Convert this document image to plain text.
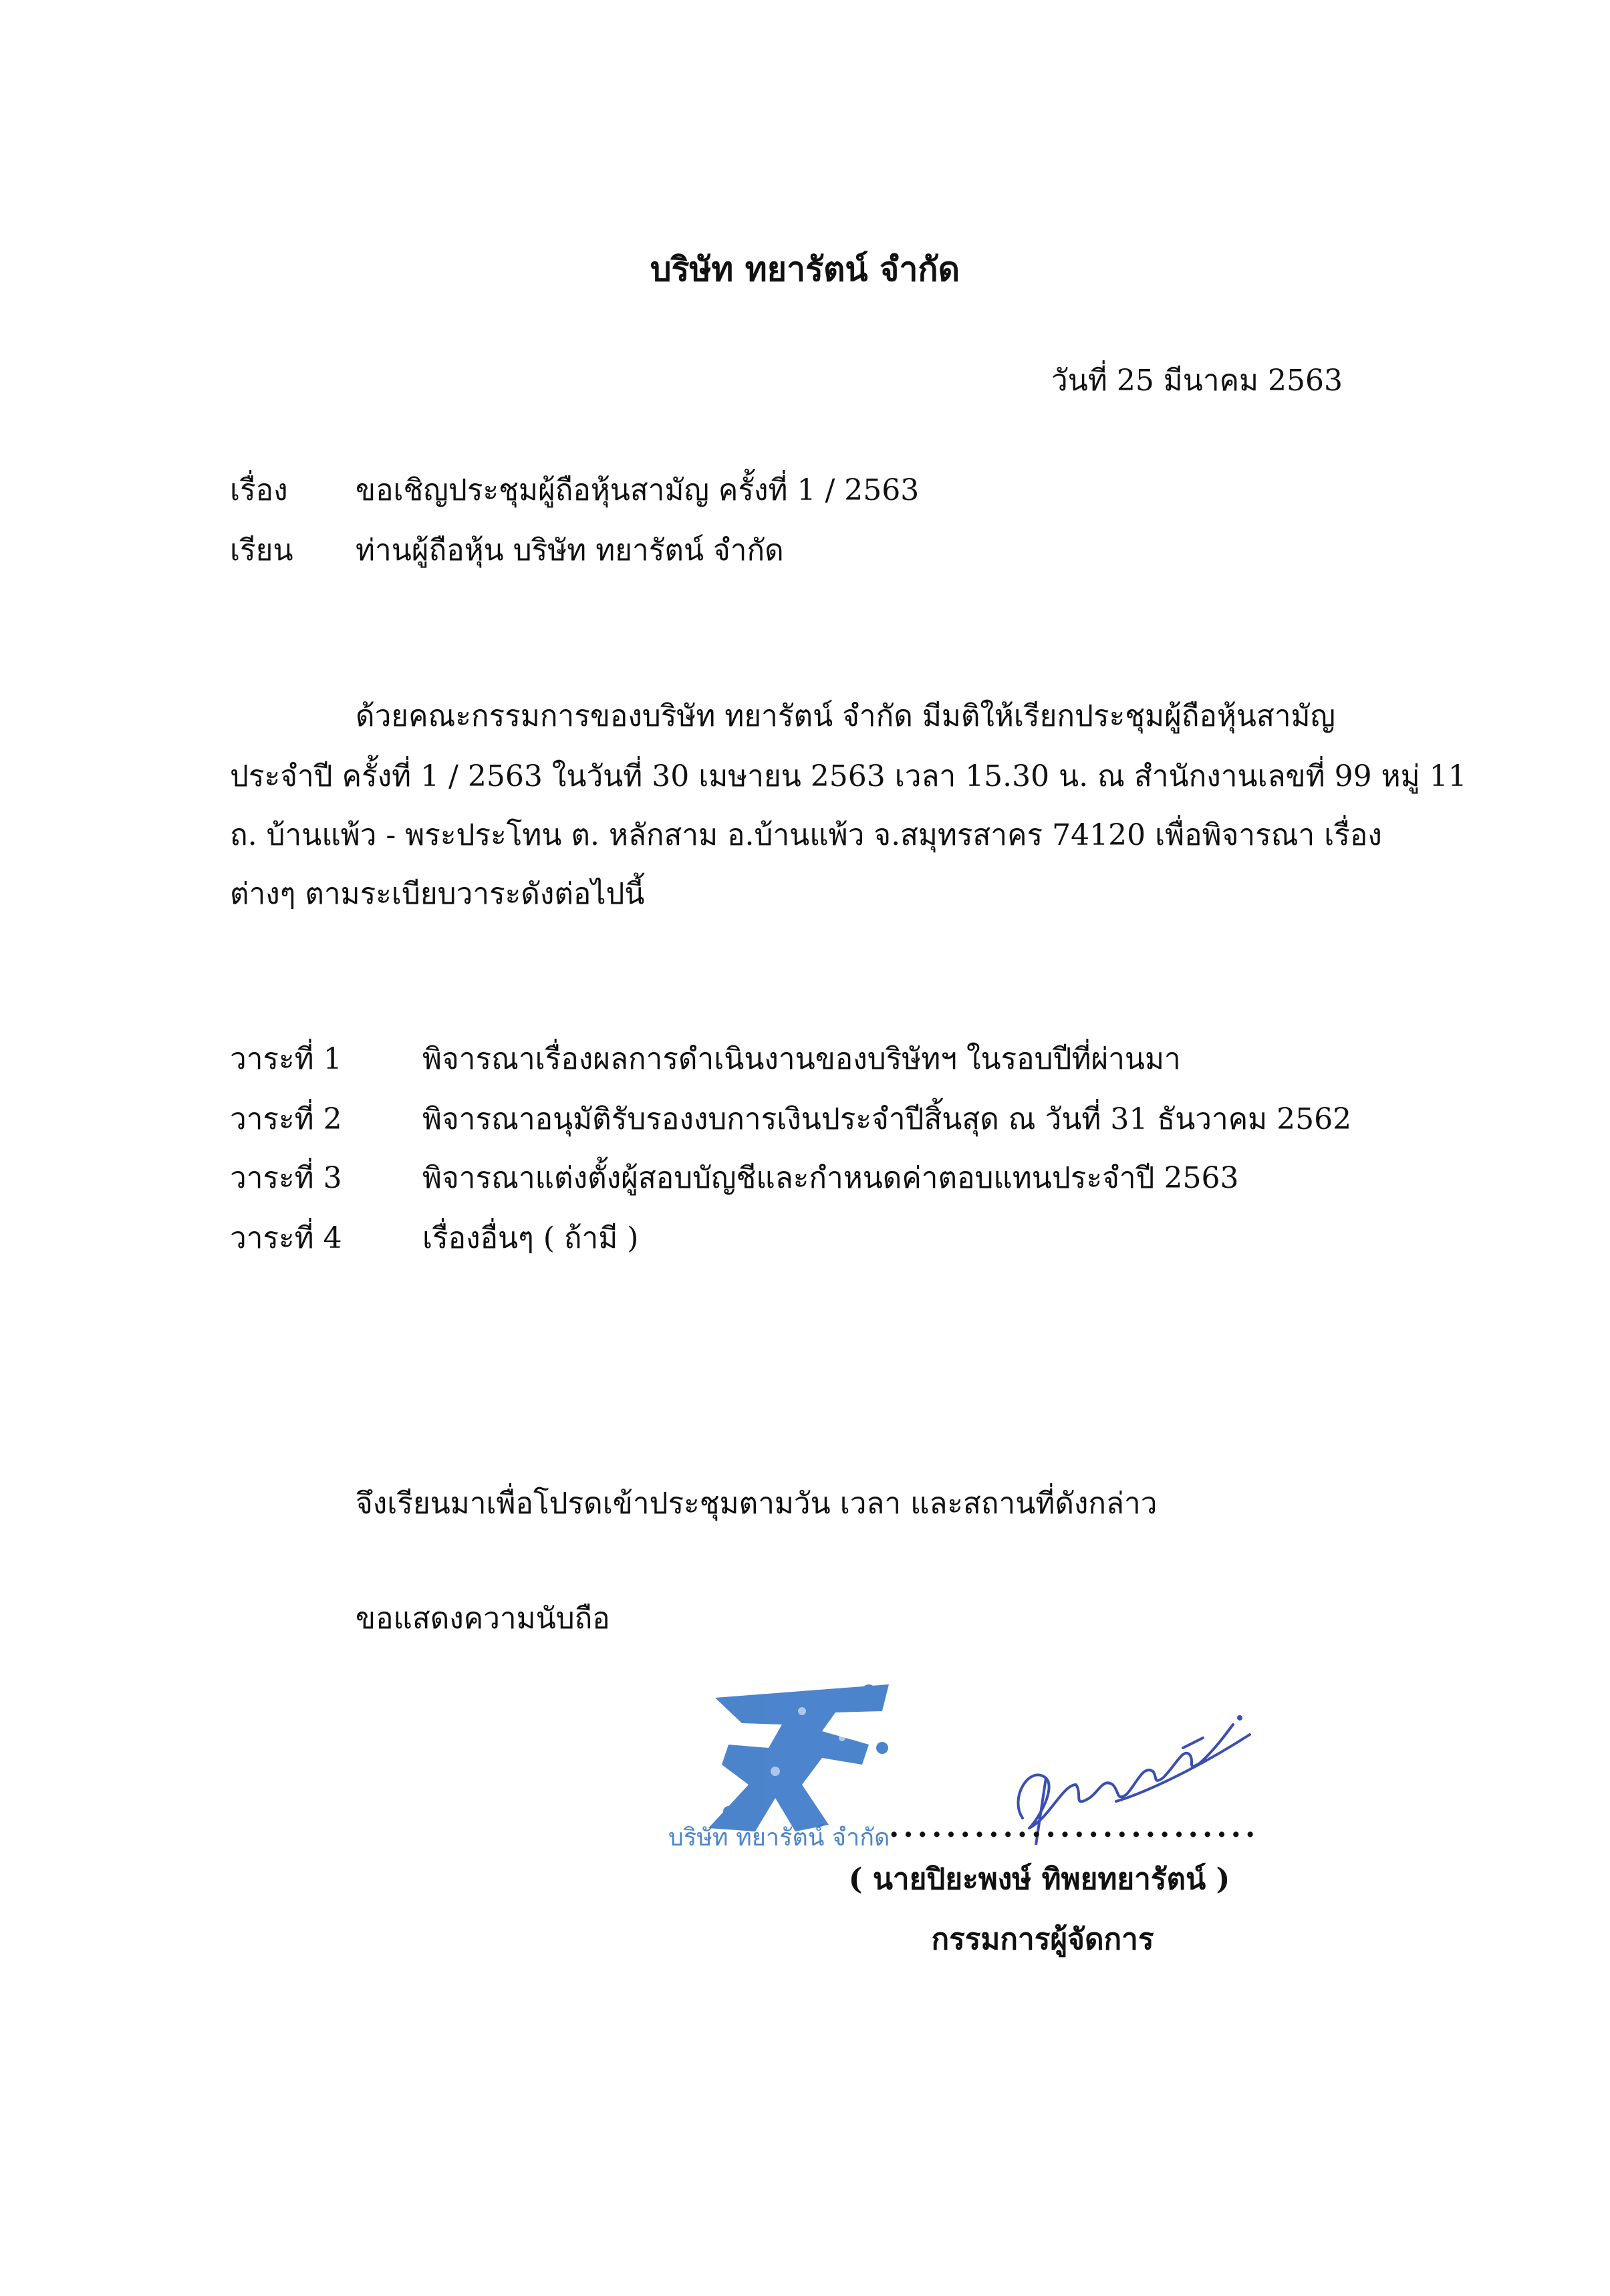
บริษัท ทยารัตน์ จำกัด
วันที่ 25 มีนาคม 2563
เรื่อง ขอเชิญประชุมผู้ถือหุ้นสามัญ ครั้งที่ 1 / 2563
เรียน ท่านผู้ถือหุ้น บริษัท ทยารัตน์ จำกัด
ด้วยคณะกรรมการของบริษัท ทยารัตน์ จำกัด มีมติให้เรียกประชุมผู้ถือหุ้นสามัญ
ประจำปี ครั้งที่ 1 / 2563 ในวันที่ 30 เมษายน 2563 เวลา 15.30 น. ณ สำนักงานเลขที่ 99 หมู่ 11
ถ. บ้านแพ้ว - พระประโทน ต. หลักสาม อ.บ้านแพ้ว จ.สมุทรสาคร 74120 เพื่อพิจารณา เรื่อง
ต่างๆ ตามระเบียบวาระดังต่อไปนี้
วาระที่ 1	พิจารณาเรื่องผลการดำเนินงานของบริษัทฯ ในรอบปีที่ผ่านมา
วาระที่ 2	พิจารณาอนุมัติรับรองงบการเงินประจำปีสิ้นสุด ณ วันที่ 31 ธันวาคม 2562
วาระที่ 3	พิจารณาแต่งตั้งผู้สอบบัญชีและกำหนดค่าตอบแทนประจำปี 2563
วาระที่ 4	เรื่องอื่นๆ ( ถ้ามี )
จึงเรียนมาเพื่อโปรดเข้าประชุมตามวัน เวลา และสถานที่ดังกล่าว
ขอแสดงความนับถือ
บริษัท ทยารัตน์ จำกัด
..........................
( นายปิยะพงษ์ ทิพยทยารัตน์ )
กรรมการผู้จัดการ
